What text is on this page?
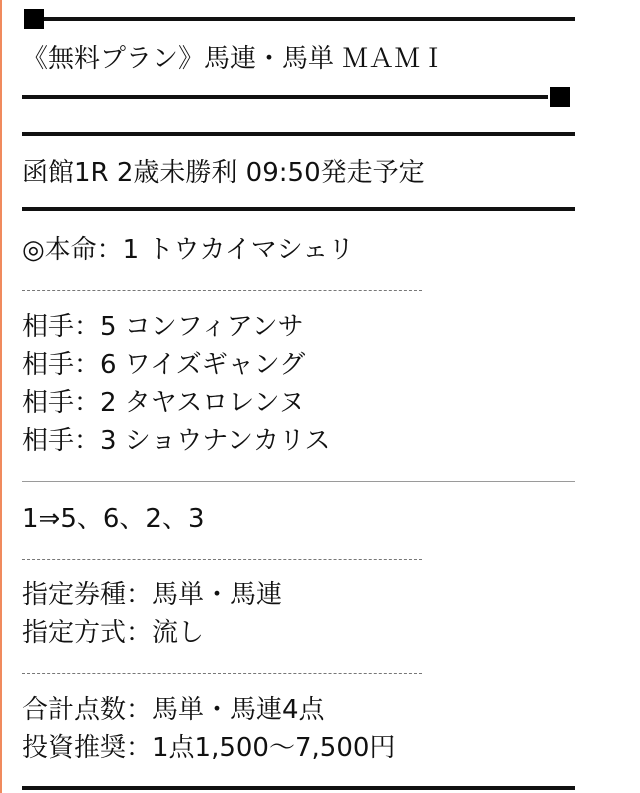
《無料プラン》馬連・馬単 ＭＡＭＩ
函館1R 2歳未勝利 09:50発走予定
◎本命：1 トウカイマシェリ
相手：5 コンフィアンサ
相手：6 ワイズギャング
相手：2 タヤスロレンヌ
相手：3 ショウナンカリス
1⇒5、6、2、3
指定券種：馬単・馬連
指定方式：流し
合計点数：馬単・馬連4点
投資推奨：1点1,500〜7,500円
